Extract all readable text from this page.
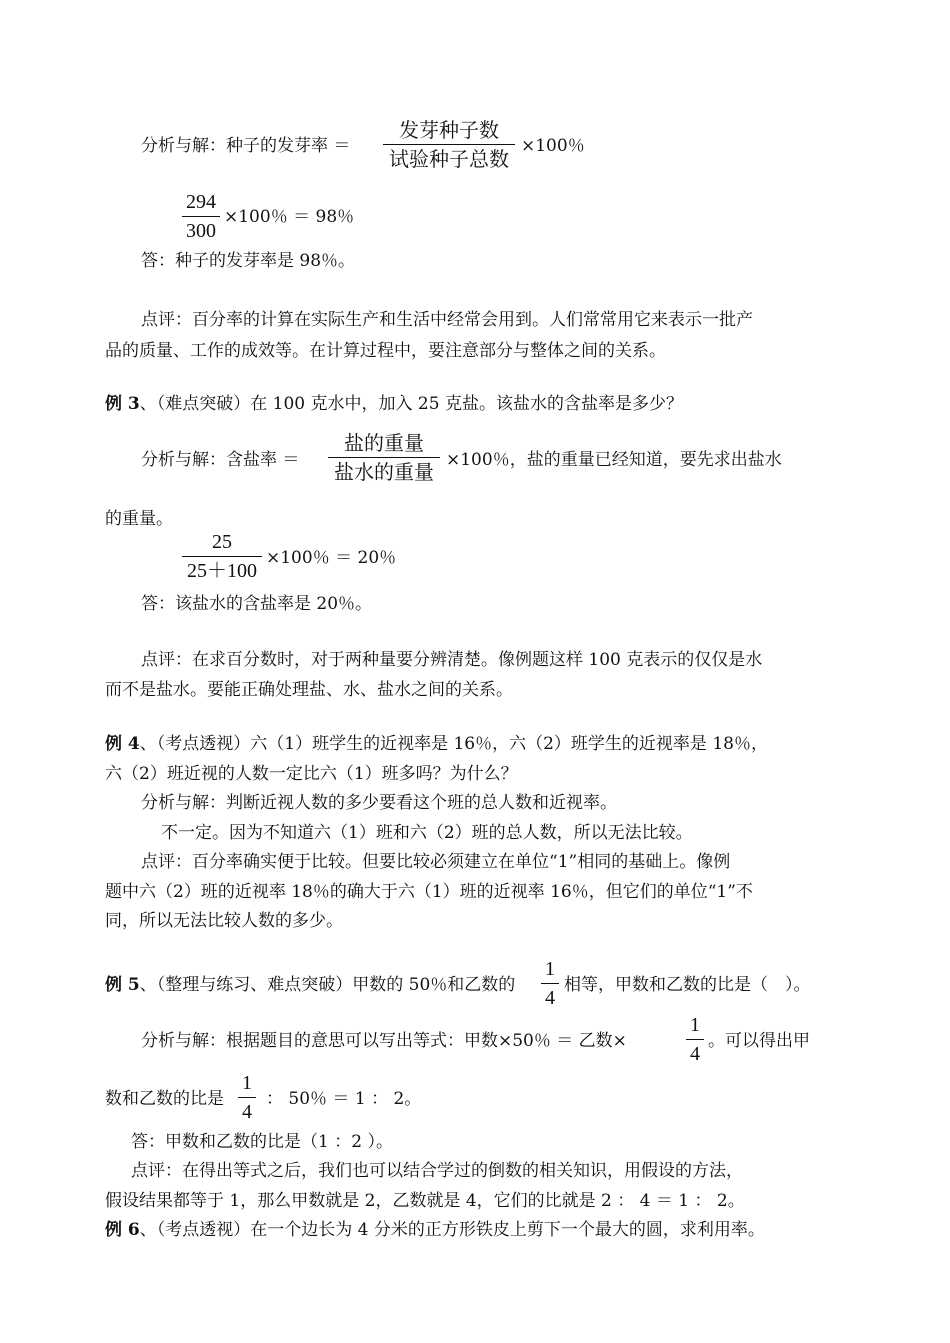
分析与解：种子的发芽率 ＝
发芽种子数
试验种子总数
×100％
294
300
×100％ ＝ 98％
答：种子的发芽率是 98％。
点评：百分率的计算在实际生产和生活中经常会用到。人们常常用它来表示一批产
品的质量、工作的成效等。在计算过程中，要注意部分与整体之间的关系。
例 3、（难点突破）在 100 克水中，加入 25 克盐。该盐水的含盐率是多少？
分析与解：含盐率 ＝
盐的重量
盐水的重量 ×100％，盐的重量已经知道，要先求出盐水
的重量。
25
25＋100
×100％ ＝ 20％
答：该盐水的含盐率是 20％。
点评：在求百分数时，对于两种量要分辨清楚。像例题这样 100 克表示的仅仅是水
而不是盐水。要能正确处理盐、水、盐水之间的关系。
例 4、（考点透视）六（1）班学生的近视率是 16％，六（2）班学生的近视率是 18％，
六（2）班近视的人数一定比六（1）班多吗？为什么？
分析与解：判断近视人数的多少要看这个班的总人数和近视率。
不一定。因为不知道六（1）班和六（2）班的总人数，所以无法比较。
点评：百分率确实便于比较。但要比较必须建立在单位“1”相同的基础上。像例
题中六（2）班的近视率 18％的确大于六（1）班的近视率 16％，但它们的单位“1”不
同，所以无法比较人数的多少。
例 5、（整理与练习、难点突破）甲数的 50％和乙数的
1
4
相等，甲数和乙数的比是（　）。
分析与解：根据题目的意思可以写出等式：甲数×50％ ＝ 乙数×
1
4
。可以得出甲
数和乙数的比是
1
4
： 50％ ＝ 1 ： 2。
答：甲数和乙数的比是（1 ：2 ）。
点评：在得出等式之后，我们也可以结合学过的倒数的相关知识，用假设的方法，
假设结果都等于 1，那么甲数就是 2，乙数就是 4，它们的比就是 2 ： 4 ＝ 1 ： 2。
例 6、（考点透视）在一个边长为 4 分米的正方形铁皮上剪下一个最大的圆，求利用率。
